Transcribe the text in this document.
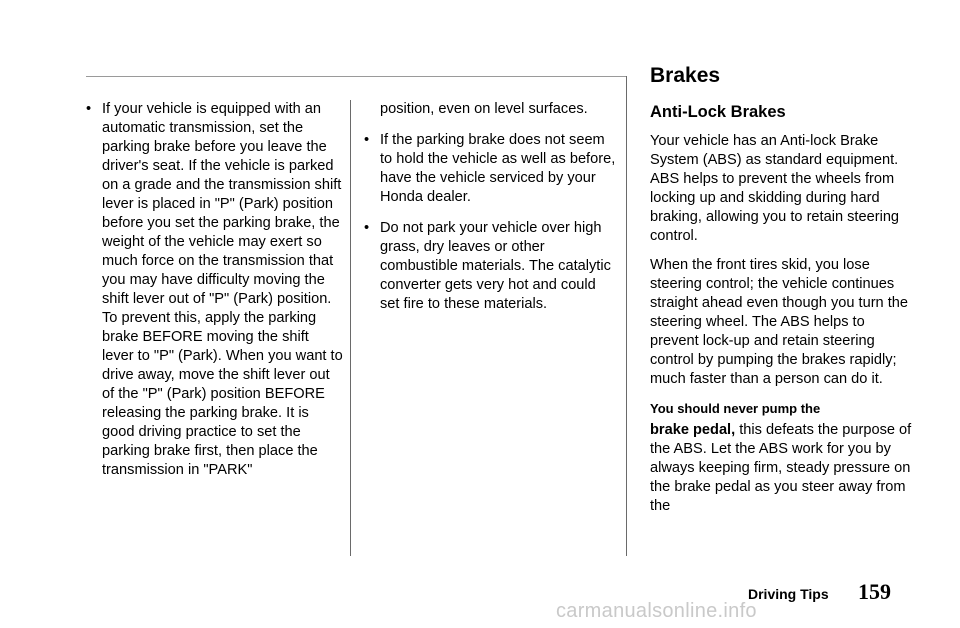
Brakes
Anti-Lock Brakes
• If your vehicle is equipped with an automatic transmission, set the parking brake before you leave the driver's seat. If the vehicle is parked on a grade and the transmission shift lever is placed in "P" (Park) position before you set the parking brake, the weight of the vehicle may exert so much force on the transmission that you may have difficulty moving the shift lever out of "P" (Park) position. To prevent this, apply the parking brake BEFORE moving the shift lever to "P" (Park). When you want to drive away, move the shift lever out of the "P" (Park) position BEFORE releasing the parking brake. It is good driving practice to set the parking brake first, then place the transmission in "PARK"

position, even on level surfaces.

• If the parking brake does not seem to hold the vehicle as well as before, have the vehicle serviced by your Honda dealer.
• Do not park your vehicle over high grass, dry leaves or other combustible materials. The catalytic converter gets very hot and could set fire to these materials.

Your vehicle has an Anti-lock Brake System (ABS) as standard equipment. ABS helps to prevent the wheels from locking up and skidding during hard braking, allowing you to retain steering control.

When the front tires skid, you lose steering control; the vehicle continues straight ahead even though you turn the steering wheel. The ABS helps to prevent lock-up and retain steering control by pumping the brakes rapidly; much faster than a person can do it.

You should never pump the
brake pedal, this defeats the purpose of the ABS. Let the ABS work for you by always keeping firm, steady pressure on the brake pedal as you steer away from the

Driving Tips 159
carmanualsonline.info
